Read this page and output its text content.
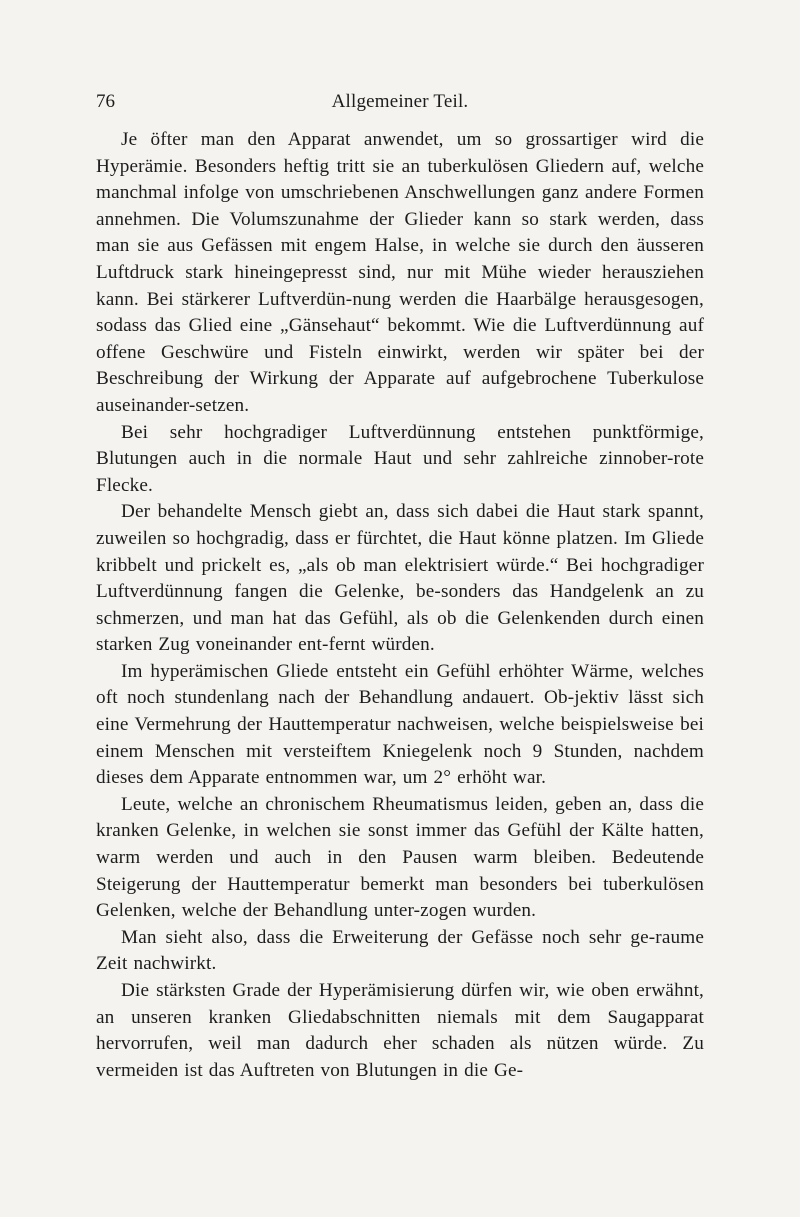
76	Allgemeiner Teil.

Je öfter man den Apparat anwendet, um so grossartiger wird die Hyperämie. Besonders heftig tritt sie an tuberkulösen Gliedern auf, welche manchmal infolge von umschriebenen Anschwellungen ganz andere Formen annehmen. Die Volumszunahme der Glieder kann so stark werden, dass man sie aus Gefässen mit engem Halse, in welche sie durch den äusseren Luftdruck stark hineingepresst sind, nur mit Mühe wieder herausziehen kann. Bei stärkerer Luftverdün-nung werden die Haarbälge herausgesogen, sodass das Glied eine „Gänsehaut“ bekommt. Wie die Luftverdünnung auf offene Geschwüre und Fisteln einwirkt, werden wir später bei der Beschreibung der Wirkung der Apparate auf aufgebrochene Tuberkulose auseinander-setzen.

Bei sehr hochgradiger Luftverdünnung entstehen punktförmige, Blutungen auch in die normale Haut und sehr zahlreiche zinnober-rote Flecke.

Der behandelte Mensch giebt an, dass sich dabei die Haut stark spannt, zuweilen so hochgradig, dass er fürchtet, die Haut könne platzen. Im Gliede kribbelt und prickelt es, „als ob man elektrisiert würde.“ Bei hochgradiger Luftverdünnung fangen die Gelenke, be-sonders das Handgelenk an zu schmerzen, und man hat das Gefühl, als ob die Gelenkenden durch einen starken Zug voneinander ent-fernt würden.

Im hyperämischen Gliede entsteht ein Gefühl erhöhter Wärme, welches oft noch stundenlang nach der Behandlung andauert. Ob-jektiv lässt sich eine Vermehrung der Hauttemperatur nachweisen, welche beispielsweise bei einem Menschen mit versteiftem Kniegelenk noch 9 Stunden, nachdem dieses dem Apparate entnommen war, um 2° erhöht war.

Leute, welche an chronischem Rheumatismus leiden, geben an, dass die kranken Gelenke, in welchen sie sonst immer das Gefühl der Kälte hatten, warm werden und auch in den Pausen warm bleiben. Bedeutende Steigerung der Hauttemperatur bemerkt man besonders bei tuberkulösen Gelenken, welche der Behandlung unter-zogen wurden.

Man sieht also, dass die Erweiterung der Gefässe noch sehr ge-raume Zeit nachwirkt.

Die stärksten Grade der Hyperämisierung dürfen wir, wie oben erwähnt, an unseren kranken Gliedabschnitten niemals mit dem Saugapparat hervorrufen, weil man dadurch eher schaden als nützen würde. Zu vermeiden ist das Auftreten von Blutungen in die Ge-
